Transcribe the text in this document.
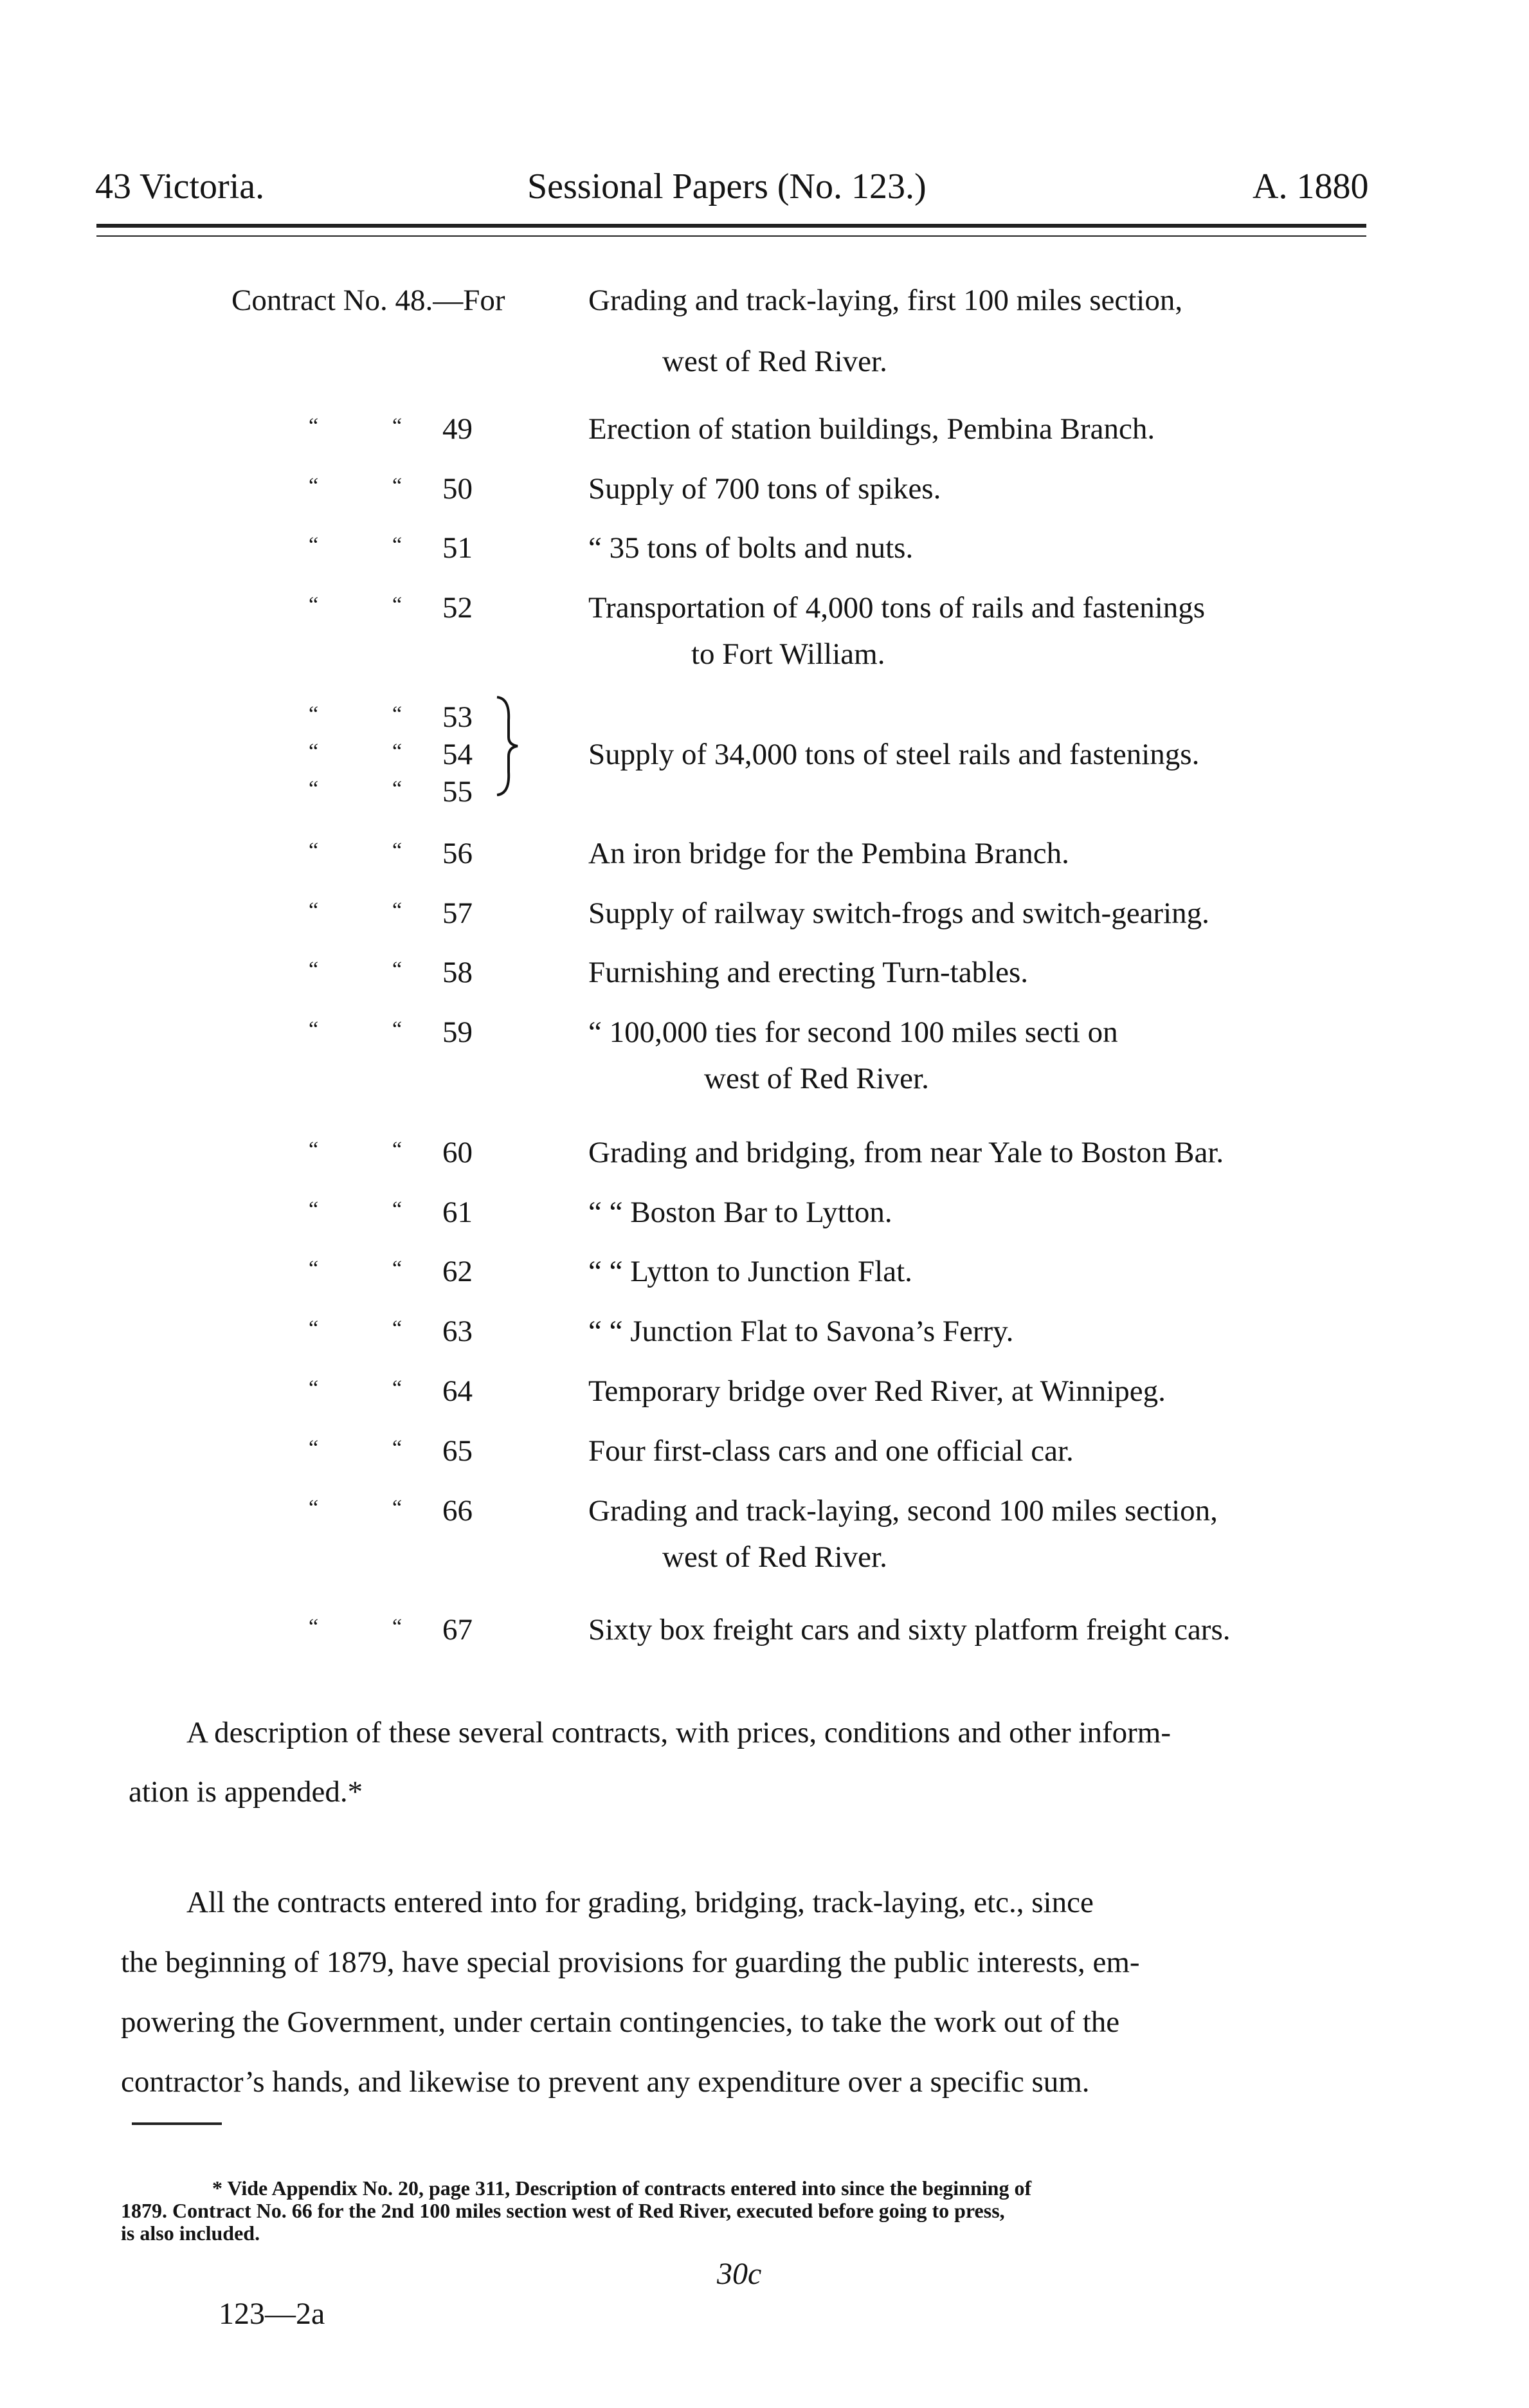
43 Victoria.	Sessional Papers (No. 123.)	A. 1880
Contract No. 48.—For	Grading and track-laying, first 100 miles section,
west of Red River.
“	“ 49	Erection of station buildings, Pembina Branch.
“	“ 50	Supply of 700 tons of spikes.
“	“ 51	“ 35 tons of bolts and nuts.
“	“ 52	Transportation of 4,000 tons of rails and fastenings
to Fort William.
“	“ 53
“	“ 54	Supply of 34,000 tons of steel rails and fastenings.
“	“ 55
“	“ 56	An iron bridge for the Pembina Branch.
“	“ 57	Supply of railway switch-frogs and switch-gearing.
“	“ 58	Furnishing and erecting Turn-tables.
“	“ 59	“ 100,000 ties for second 100 miles secti on
west of Red River.
“	“ 60	Grading and bridging, from near Yale to Boston Bar.
“	“ 61	“ “ Boston Bar to Lytton.
“	“ 62	“ “ Lytton to Junction Flat.
“	“ 63	“ “ Junction Flat to Savona’s Ferry.
“	“ 64	Temporary bridge over Red River, at Winnipeg.
“	“ 65	Four first-class cars and one official car.
“	“ 66	Grading and track-laying, second 100 miles section,
west of Red River.
“	“ 67	Sixty box freight cars and sixty platform freight cars.
A description of these several contracts, with prices, conditions and other inform-
ation is appended.*
All the contracts entered into for grading, bridging, track-laying, etc., since
the beginning of 1879, have special provisions for guarding the public interests, em-
powering the Government, under certain contingencies, to take the work out of the
contractor’s hands, and likewise to prevent any expenditure over a specific sum.
* Vide Appendix No. 20, page 311, Description of contracts entered into since the beginning of
1879. Contract No. 66 for the 2nd 100 miles section west of Red River, executed before going to press,
is also included.
30c
123—2a
